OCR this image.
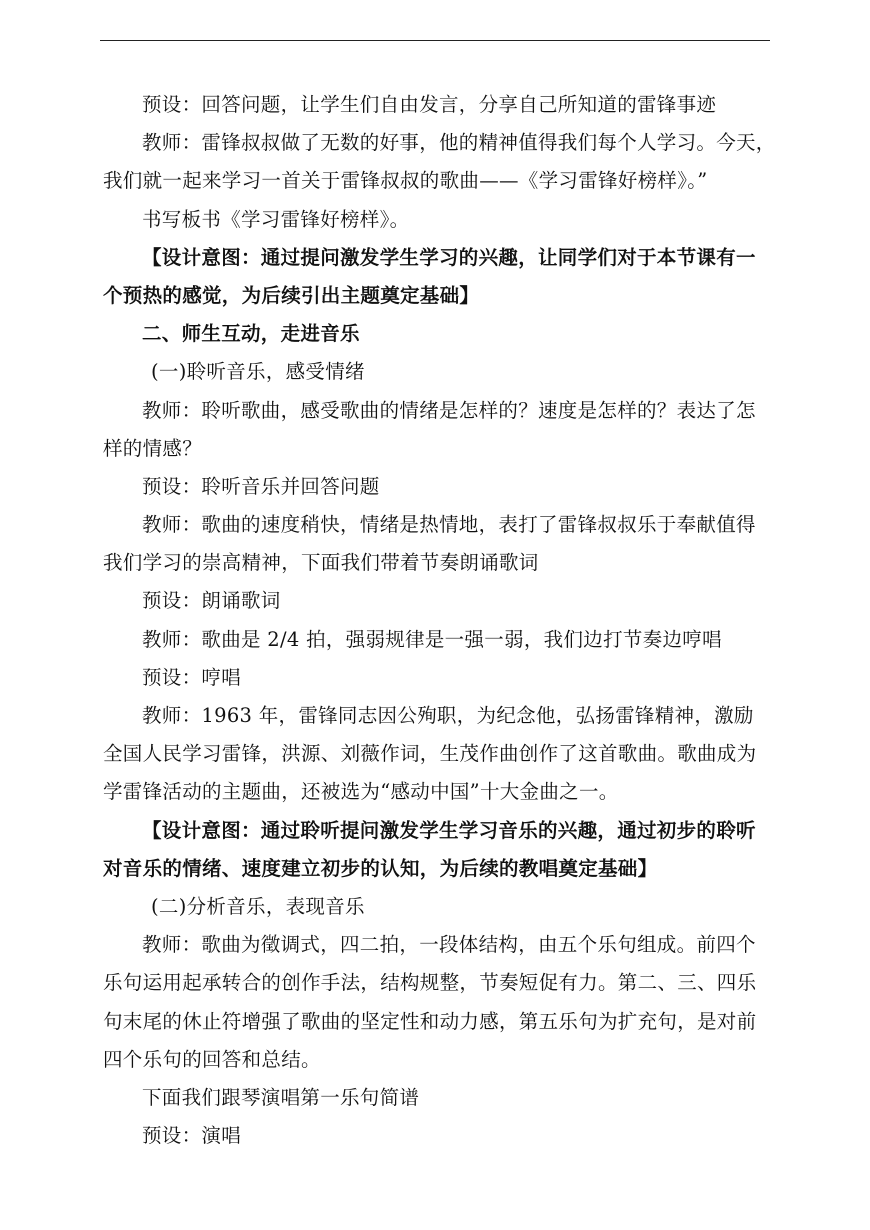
预设：回答问题，让学生们自由发言，分享自己所知道的雷锋事迹
教师：雷锋叔叔做了无数的好事，他的精神值得我们每个人学习。今天，
我们就一起来学习一首关于雷锋叔叔的歌曲——《学习雷锋好榜样》。”
书写板书《学习雷锋好榜样》。
【设计意图：通过提问激发学生学习的兴趣，让同学们对于本节课有一
个预热的感觉，为后续引出主题奠定基础】
二、师生互动，走进音乐
(一)聆听音乐，感受情绪
教师：聆听歌曲，感受歌曲的情绪是怎样的？速度是怎样的？表达了怎
样的情感？
预设：聆听音乐并回答问题
教师：歌曲的速度稍快，情绪是热情地，表打了雷锋叔叔乐于奉献值得
我们学习的崇高精神，下面我们带着节奏朗诵歌词
预设：朗诵歌词
教师：歌曲是 2/4 拍，强弱规律是一强一弱，我们边打节奏边哼唱
预设：哼唱
教师：1963 年，雷锋同志因公殉职，为纪念他，弘扬雷锋精神，激励
全国人民学习雷锋，洪源、刘薇作词，生茂作曲创作了这首歌曲。歌曲成为
学雷锋活动的主题曲，还被选为“感动中国”十大金曲之一。
【设计意图：通过聆听提问激发学生学习音乐的兴趣，通过初步的聆听
对音乐的情绪、速度建立初步的认知，为后续的教唱奠定基础】
(二)分析音乐，表现音乐
教师：歌曲为徵调式，四二拍，一段体结构，由五个乐句组成。前四个
乐句运用起承转合的创作手法，结构规整，节奏短促有力。第二、三、四乐
句末尾的休止符增强了歌曲的坚定性和动力感，第五乐句为扩充句，是对前
四个乐句的回答和总结。
下面我们跟琴演唱第一乐句简谱
预设：演唱
